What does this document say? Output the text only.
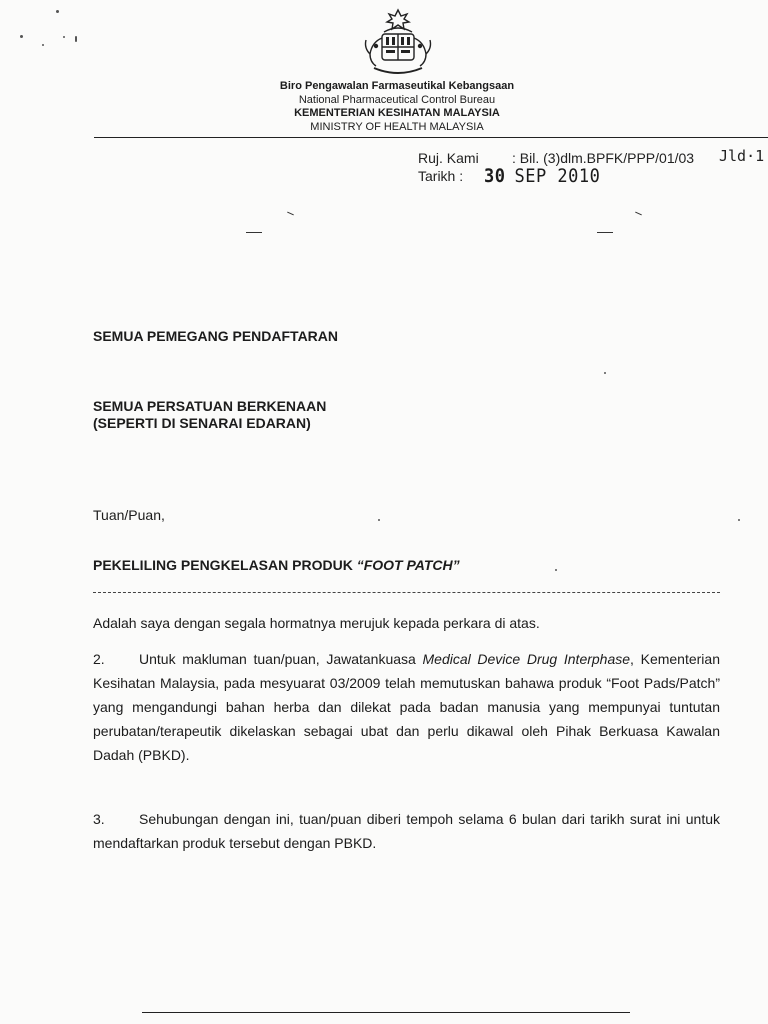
Biro Pengawalan Farmaseutikal Kebangsaan
National Pharmaceutical Control Bureau
KEMENTERIAN KESIHATAN MALAYSIA
MINISTRY OF HEALTH MALAYSIA
Ruj. Kami : Bil. (3)dlm.BPFK/PPP/01/03 Jld·1
Tarikh : 30 SEP 2010
SEMUA PEMEGANG PENDAFTARAN
SEMUA PERSATUAN BERKENAAN
(SEPERTI DI SENARAI EDARAN)
Tuan/Puan,
PEKELILING PENGKELASAN PRODUK “FOOT PATCH”
Adalah saya dengan segala hormatnya merujuk kepada perkara di atas.
2. Untuk makluman tuan/puan, Jawatankuasa Medical Device Drug Interphase, Kementerian Kesihatan Malaysia, pada mesyuarat 03/2009 telah memutuskan bahawa produk “Foot Pads/Patch” yang mengandungi bahan herba dan dilekat pada badan manusia yang mempunyai tuntutan perubatan/terapeutik dikelaskan sebagai ubat dan perlu dikawal oleh Pihak Berkuasa Kawalan Dadah (PBKD).
3. Sehubungan dengan ini, tuan/puan diberi tempoh selama 6 bulan dari tarikh surat ini untuk mendaftarkan produk tersebut dengan PBKD.
